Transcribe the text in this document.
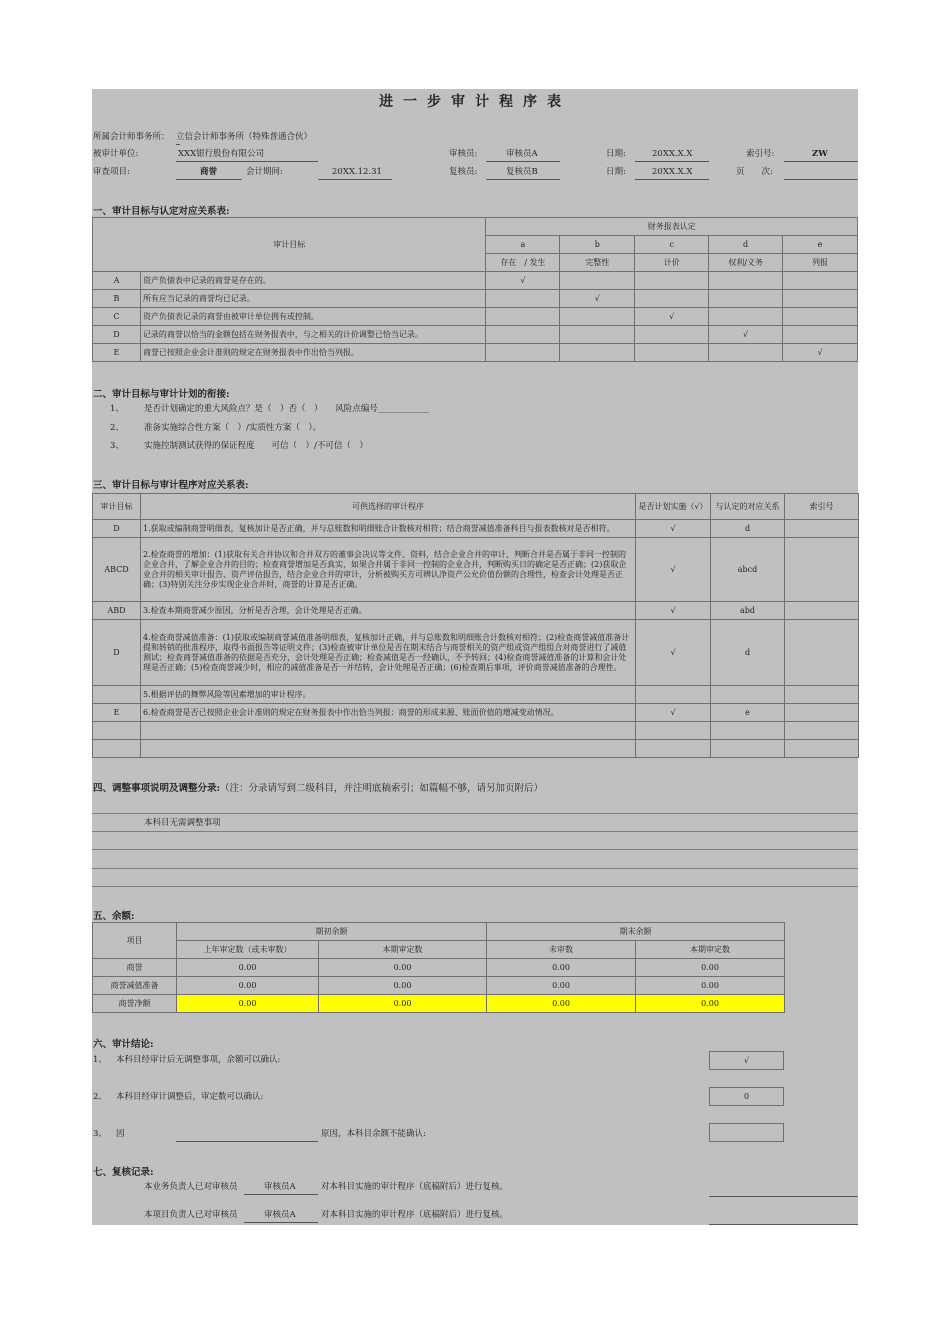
进一步审计程序表
所属会计师事务所： 立信会计师事务所（特殊普通合伙）
被审计单位:	XXX银行股份有限公司	审核员:	审核员A	日期:	20XX.X.X	索引号:	ZW
审查项目:	商誉	会计期间:	20XX.12.31	复核员:	复核员B	日期:	20XX.X.X	页　　次:
一、审计目标与认定对应关系表:
审计目标		财务报表认定				
		a	b	c	d	e
		存在　/ 发生	完整性	计价	权利/义务	列报
A	资产负债表中记录的商誉是存在的。	√				
B	所有应当记录的商誉均已记录。		√			
C	资产负债表记录的商誉由被审计单位拥有或控制。			√		
D	记录的商誉以恰当的金额包括在财务报表中，与之相关的计价调整已恰当记录。				√	
E	商誉已按照企业会计准则的规定在财务报表中作出恰当列报。					√
二、审计目标与审计计划的衔接:
1、 是否计划确定的重大风险点？是（　）否（　）　　风险点编号____________
2、 准备实施综合性方案（　）/实质性方案（　）。
3、 实施控制测试获得的保证程度　　可信（　）/不可信（　）
三、审计目标与审计程序对应关系表:
审计目标	可供选择的审计程序	是否计划实施（√）	与认定的对应关系	索引号
D	1.获取或编制商誉明细表，复核加计是否正确，并与总账数和明细账合计数核对相符；结合商誉减值准备科目与报表数核对是否相符。	√	d	
ABCD	2.检查商誉的增加：(1)获取有关合并协议和合并双方的董事会决议等文件、资料，结合企业合并的审计，判断合并是否属于非同一控制的企业合并，了解企业合并的目的；检查商誉增加是否真实，如果合并属于非同一控制的企业合并，判断购买日的确定是否正确；(2)获取企业合并的相关审计报告、资产评估报告，结合企业合并的审计，分析被购买方可辨认净资产公允价值份额的合理性，检查会计处理是否正确；(3)特别关注分步实现企业合并时，商誉的计算是否正确。	√	abcd	
ABD	3.检查本期商誉减少原因，分析是否合理，会计处理是否正确。	√	abd	
D	4.检查商誉减值准备：(1)获取或编制商誉减值准备明细表，复核加计正确，并与总账数和明细账合计数核对相符；(2)检查商誉减值准备计提和转销的批准程序，取得书面报告等证明文件；(3)检查被审计单位是否在期末结合与商誉相关的资产组或资产组组合对商誉进行了减值测试；检查商誉减值准备的依据是否充分，会计处理是否正确；检查减值是否一经确认，不予转回；(4)检查商誉减值准备的计算和会计处理是否正确；(5)检查商誉减少时，相应的减值准备是否一并结转，会计处理是否正确；(6)检查期后事项，评价商誉减值准备的合理性。	√	d	
	5.根据评估的舞弊风险等因素增加的审计程序。			
E	6.检查商誉是否已按照企业会计准则的规定在财务报表中作出恰当列报：商誉的形成来源、账面价值的增减变动情况。	√	e	

四、调整事项说明及调整分录:（注：分录请写到二级科目，并注明底稿索引；如篇幅不够，请另加页附后）
本科目无需调整事项
五、余额:
项目	期初余额		期末余额	
	上年审定数（或未审数）	本期审定数	未审数	本期审定数
商誉	0.00	0.00	0.00	0.00
商誉减值准备	0.00	0.00	0.00	0.00
商誉净额	0.00	0.00	0.00	0.00
六、审计结论:
1、 本科目经审计后无调整事项，余额可以确认:	√
2、 本科目经审计调整后，审定数可以确认:	0
3、 因	原因，本科目余额不能确认:
七、复核记录:
本业务负责人已对审核员	审核员A	对本科目实施的审计程序（底稿附后）进行复核。
本项目负责人已对审核员	审核员A	对本科目实施的审计程序（底稿附后）进行复核。
